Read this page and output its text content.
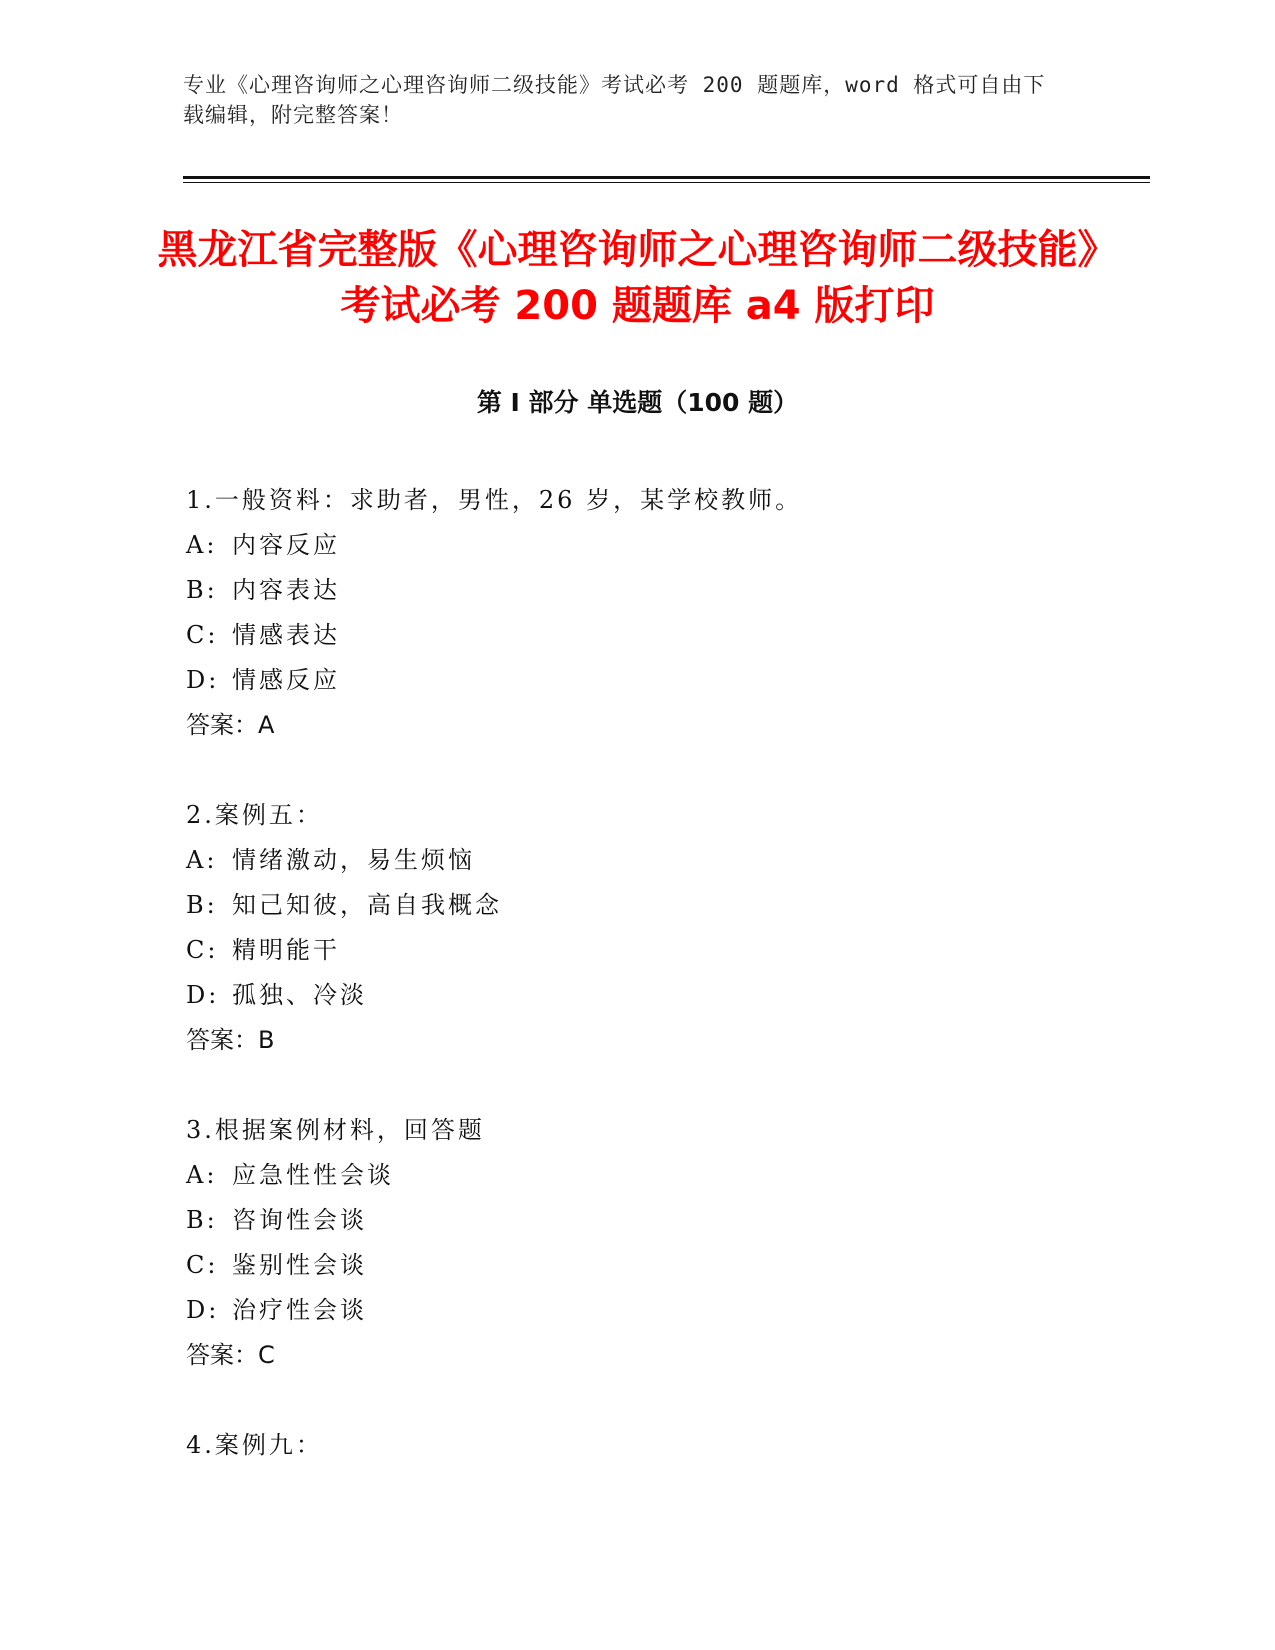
专业《心理咨询师之心理咨询师二级技能》考试必考 200 题题库，word 格式可自由下载编辑，附完整答案！
黑龙江省完整版《心理咨询师之心理咨询师二级技能》考试必考 200 题题库 a4 版打印
第 I 部分 单选题（100 题）
1.一般资料：求助者，男性，26 岁，某学校教师。
A: 内容反应
B: 内容表达
C: 情感表达
D: 情感反应
答案：A
2.案例五：
A: 情绪激动，易生烦恼
B: 知己知彼，高自我概念
C: 精明能干
D: 孤独、冷淡
答案：B
3.根据案例材料，回答题
A: 应急性性会谈
B: 咨询性会谈
C: 鉴别性会谈
D: 治疗性会谈
答案：C
4.案例九：
